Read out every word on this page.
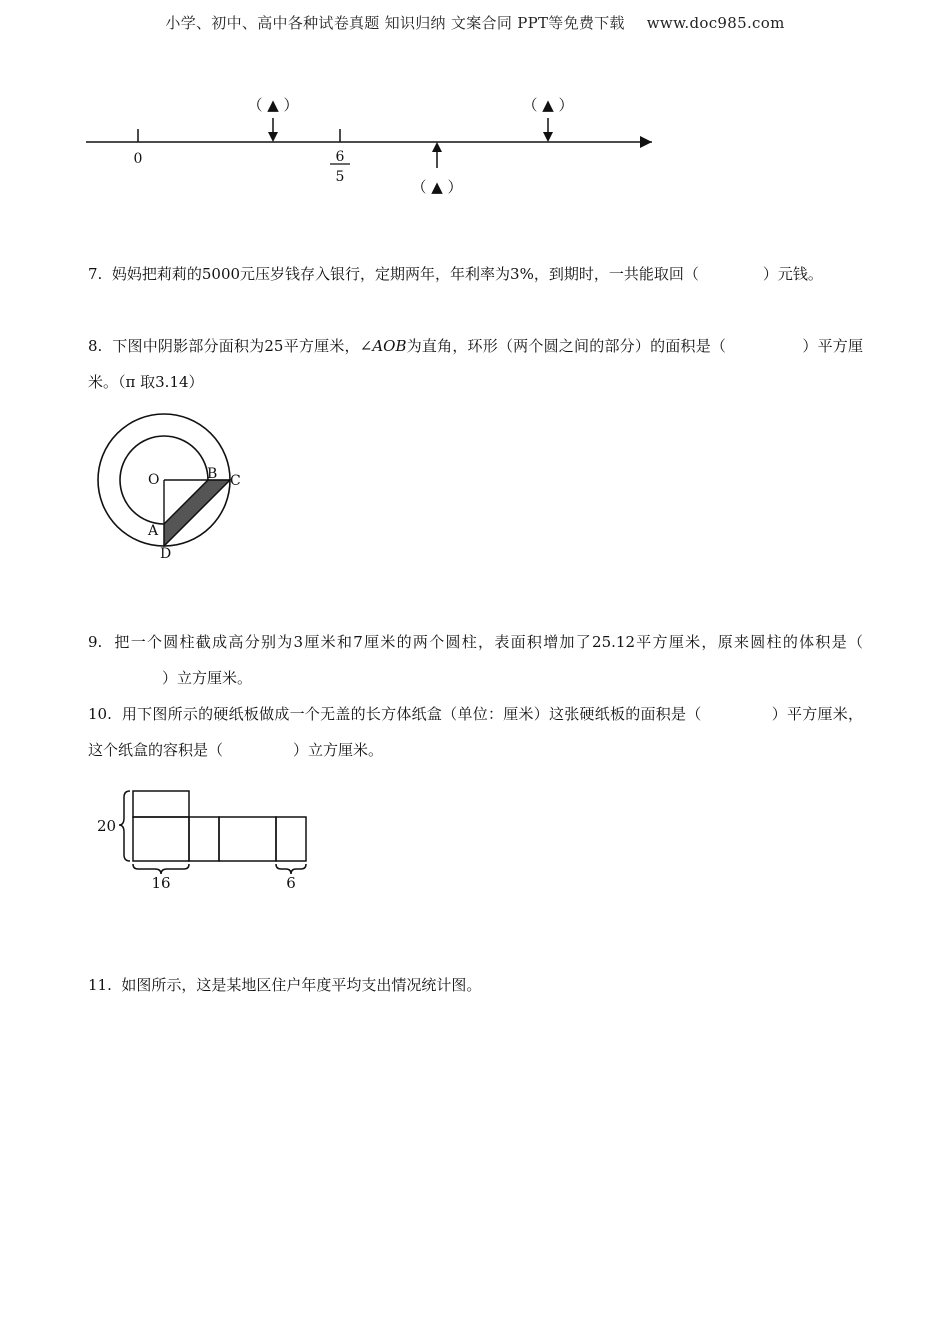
小学、初中、高中各种试卷真题 知识归纳 文案合同 PPT等免费下载 www.doc985.com
0	6
5
（ ▲ ）	（ ▲ ）
（ ▲ ）
7. 妈妈把莉莉的5000元压岁钱存入银行，定期两年，年利率为3%，到期时，一共能取回（	）元钱。
8. 下图中阴影部分面积为25平方厘米，∠AOB为直角，环形（两个圆之间的部分）的面积是（	）平方厘米。（π 取3.14）
O	B C
A
D
9. 把一个圆柱截成高分别为3厘米和7厘米的两个圆柱，表面积增加了25.12平方厘米，原来圆柱的体积是（）立方厘米。
10. 用下图所示的硬纸板做成一个无盖的长方体纸盒（单位：厘米）这张硬纸板的面积是（	）平方厘米，这个纸盒的容积是（	）立方厘米。
20
16	6
11. 如图所示，这是某地区住户年度平均支出情况统计图。
